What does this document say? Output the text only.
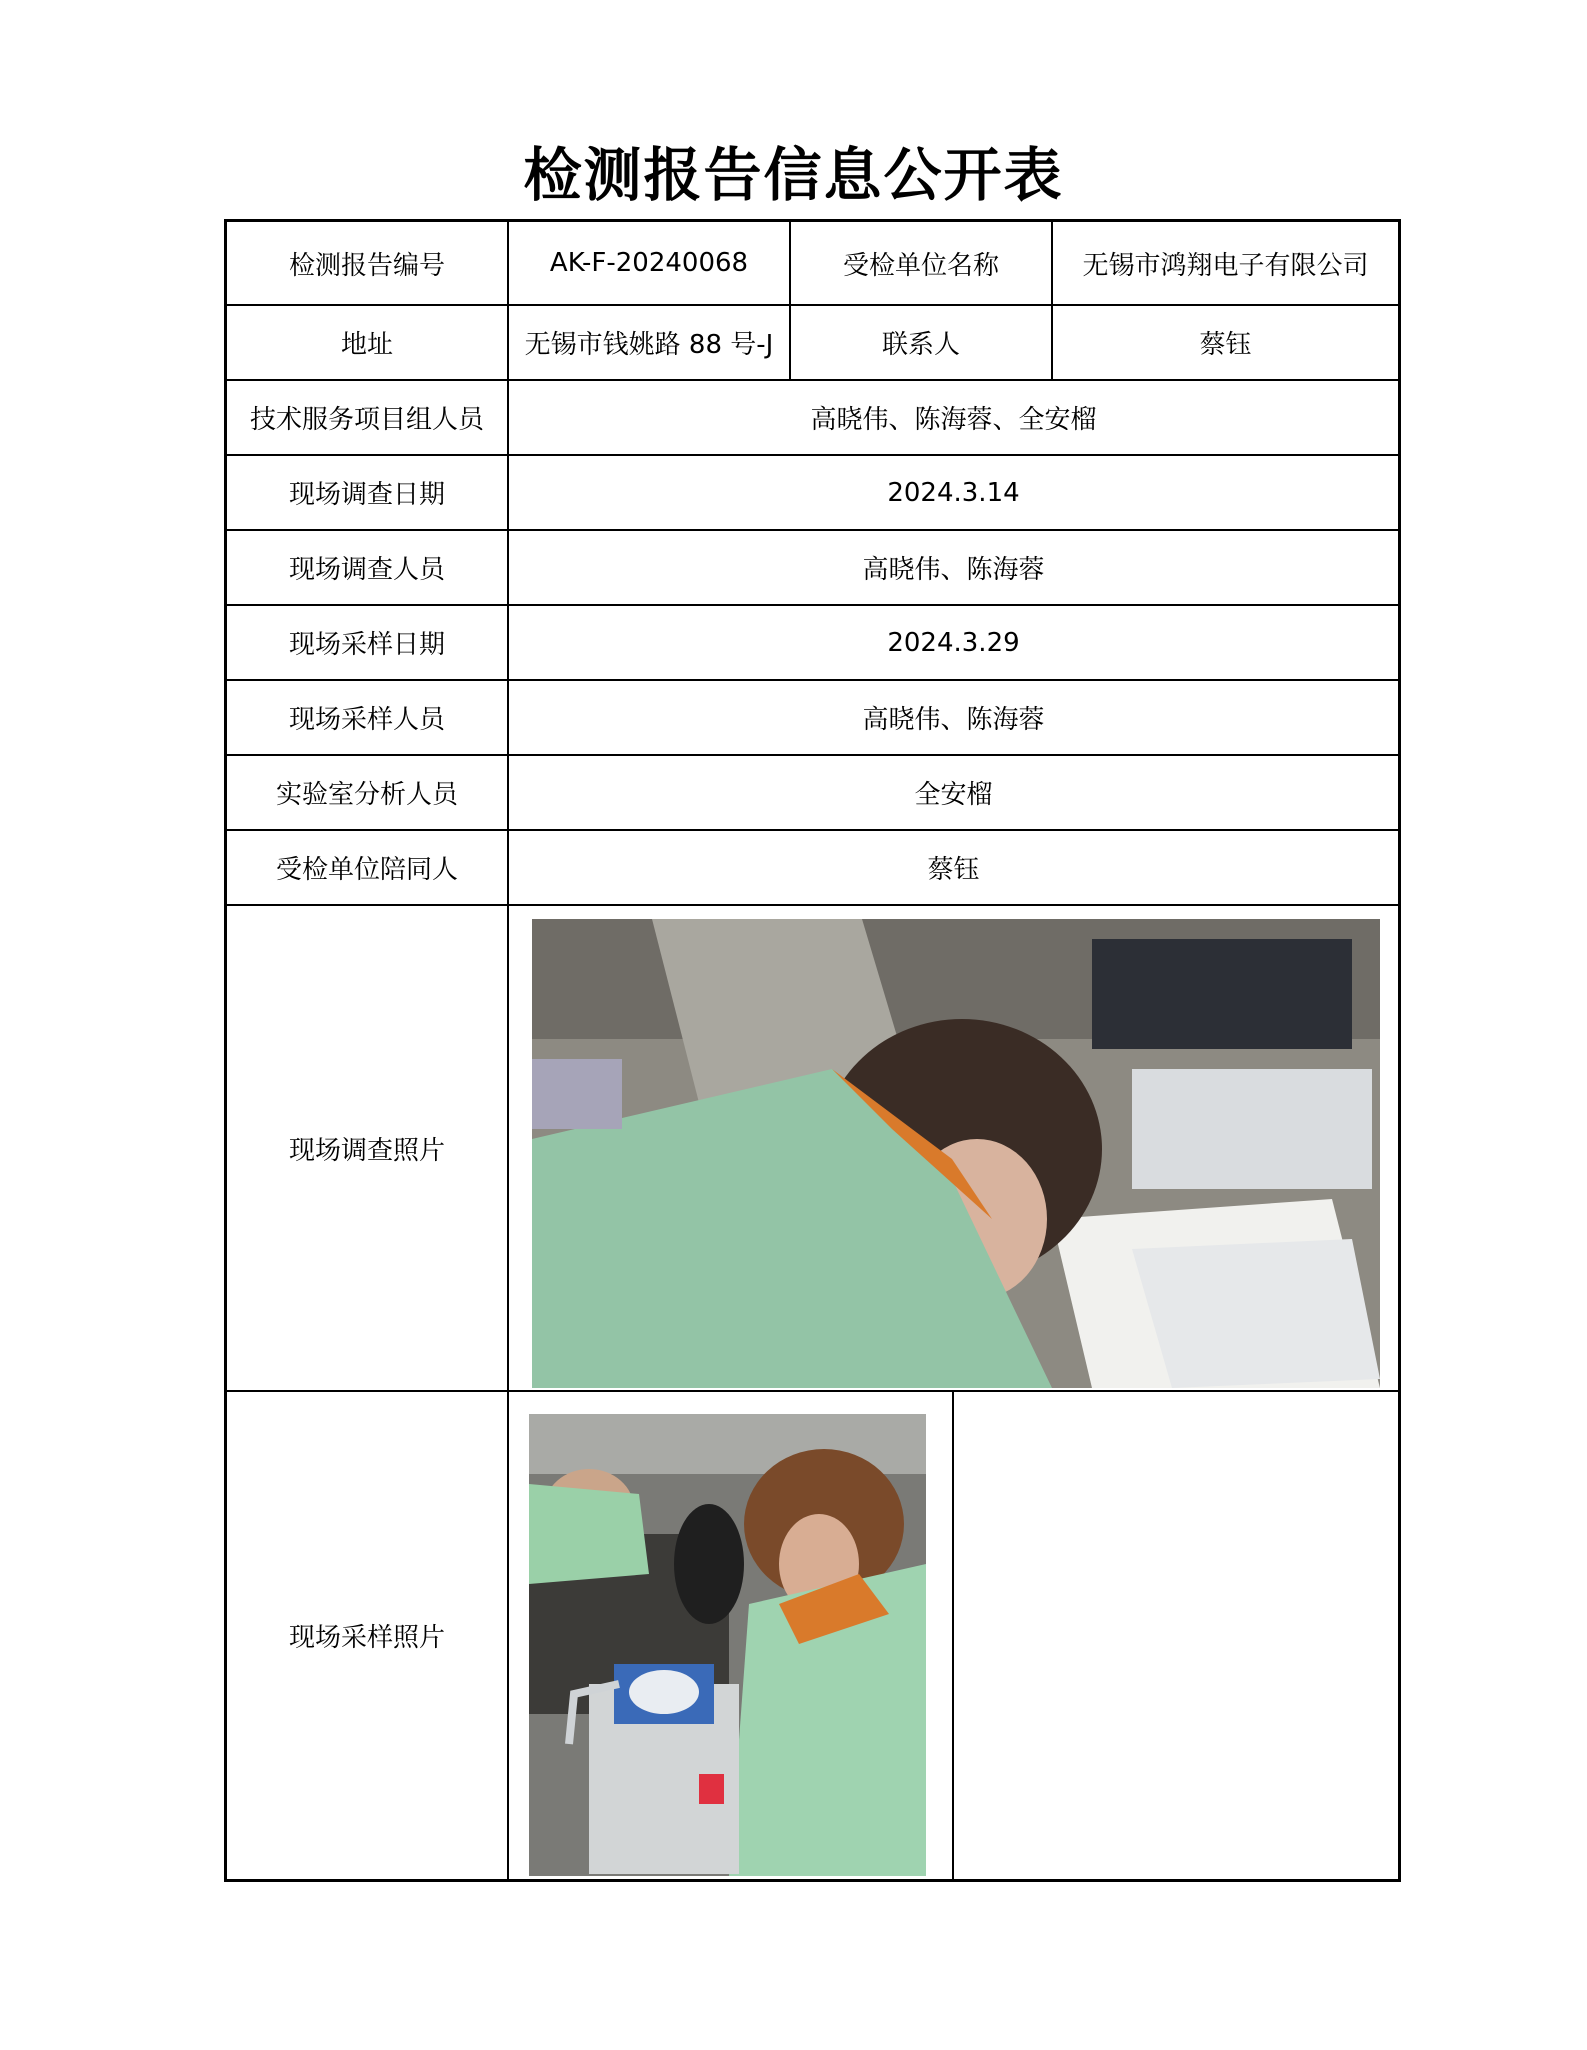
检测报告信息公开表
检测报告编号	AK-F-20240068	受检单位名称	无锡市鸿翔电子有限公司
地址	无锡市钱姚路 88 号-J	联系人	蔡钰
技术服务项目组人员	高晓伟、陈海蓉、全安榴
现场调查日期	2024.3.14
现场调查人员	高晓伟、陈海蓉
现场采样日期	2024.3.29
现场采样人员	高晓伟、陈海蓉
实验室分析人员	全安榴
受检单位陪同人	蔡钰
现场调查照片
现场采样照片
